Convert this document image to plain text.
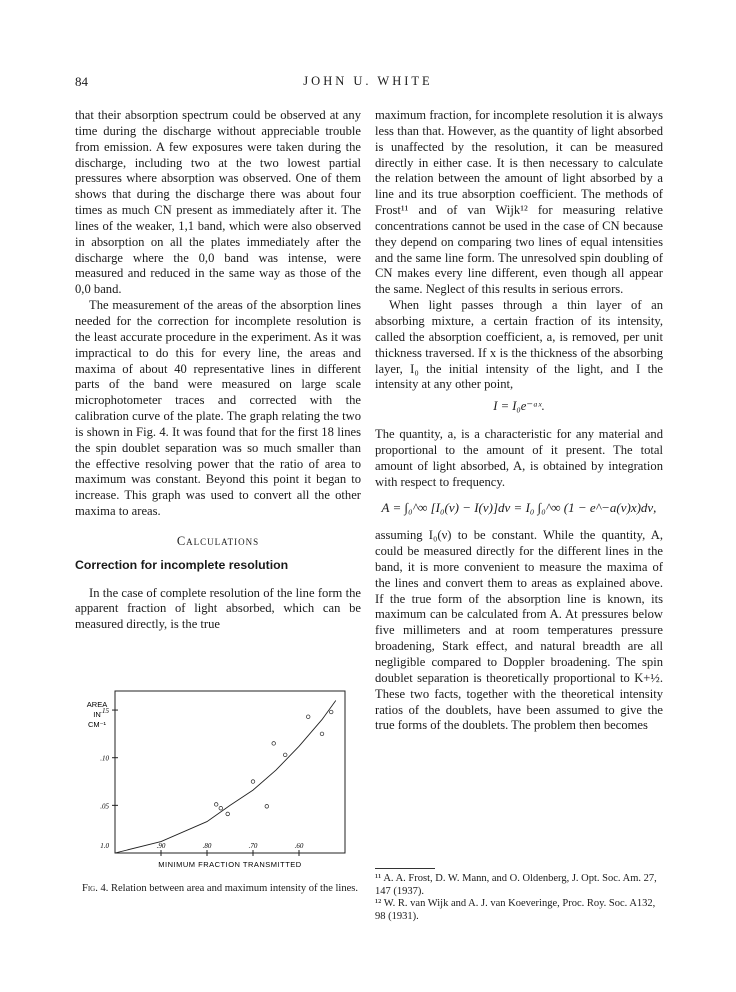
84	JOHN U. WHITE

that their absorption spectrum could be observed at any time during the discharge without appreciable trouble from emission. A few exposures were taken during the discharge, including two at the two lowest partial pressures where absorption was observed. One of them shows that during the discharge there was about four times as much CN present as immediately after it. The lines of the weaker, 1,1 band, which were also observed in absorption on all the plates immediately after the discharge where the 0,0 band was intense, were measured and reduced in the same way as those of the 0,0 band.

The measurement of the areas of the absorption lines needed for the correction for incomplete resolution is the least accurate procedure in the experiment. As it was impractical to do this for every line, the areas and maxima of about 40 representative lines in different parts of the band were measured on large scale microphotometer traces and corrected with the calibration curve of the plate. The graph relating the two is shown in Fig. 4. It was found that for the first 18 lines the spin doublet separation was so much smaller than the effective resolving power that the ratio of area to maximum was constant. Beyond this point it began to increase. This graph was used to convert all the other maxima to areas.

Calculations

Correction for incomplete resolution

In the case of complete resolution of the line form the apparent fraction of light absorbed, which can be measured directly, is the true

maximum fraction, for incomplete resolution it is always less than that. However, as the quantity of light absorbed is unaffected by the resolution, it can be measured directly in either case. It is then necessary to calculate the relation between the amount of light absorbed by a line and its true absorption coefficient. The methods of Frost¹¹ and of van Wijk¹² for measuring relative concentrations cannot be used in the case of CN because they depend on comparing two lines of equal intensities and the same line form. The unresolved spin doubling of CN makes every line different, even though all appear the same. Neglect of this results in serious errors.

When light passes through a thin layer of an absorbing mixture, a certain fraction of its intensity, called the absorption coefficient, a, is removed, per unit thickness traversed. If x is the thickness of the absorbing layer, I₀ the initial intensity of the light, and I the intensity at any other point,

I = I₀e⁻ᵃˣ.

The quantity, a, is a characteristic for any material and proportional to the amount of it present. The total amount of light absorbed, A, is obtained by integration with respect to frequency.

A = ∫₀^∞ [I₀(ν) − I(ν)]dν = I₀ ∫₀^∞ (1 − e^−a(ν)x)dν,

assuming I₀(ν) to be constant. While the quantity, A, could be measured directly for the different lines in the band, it is more convenient to measure the maxima of the lines and convert them to areas as explained above. If the true form of the absorption line is known, its maximum can be calculated from A. At pressures below five millimeters and at room temperatures pressure broadening, Stark effect, and natural breadth are all negligible compared to Doppler broadening. The spin doublet separation is theoretically proportional to K+½. These two facts, together with the theoretical intensity ratios of the doublets, have been assumed to give the true forms of the doublets. The problem then becomes

.05
.10
.15
.90	.80	.70	.60
1.0
AREA
IN
CM⁻¹
MINIMUM FRACTION TRANSMITTED
Fig. 4. Relation between area and maximum intensity of the lines.

¹¹ A. A. Frost, D. W. Mann, and O. Oldenberg, J. Opt. Soc. Am. 27, 147 (1937).

¹² W. R. van Wijk and A. J. van Koeveringe, Proc. Roy. Soc. A132, 98 (1931).
